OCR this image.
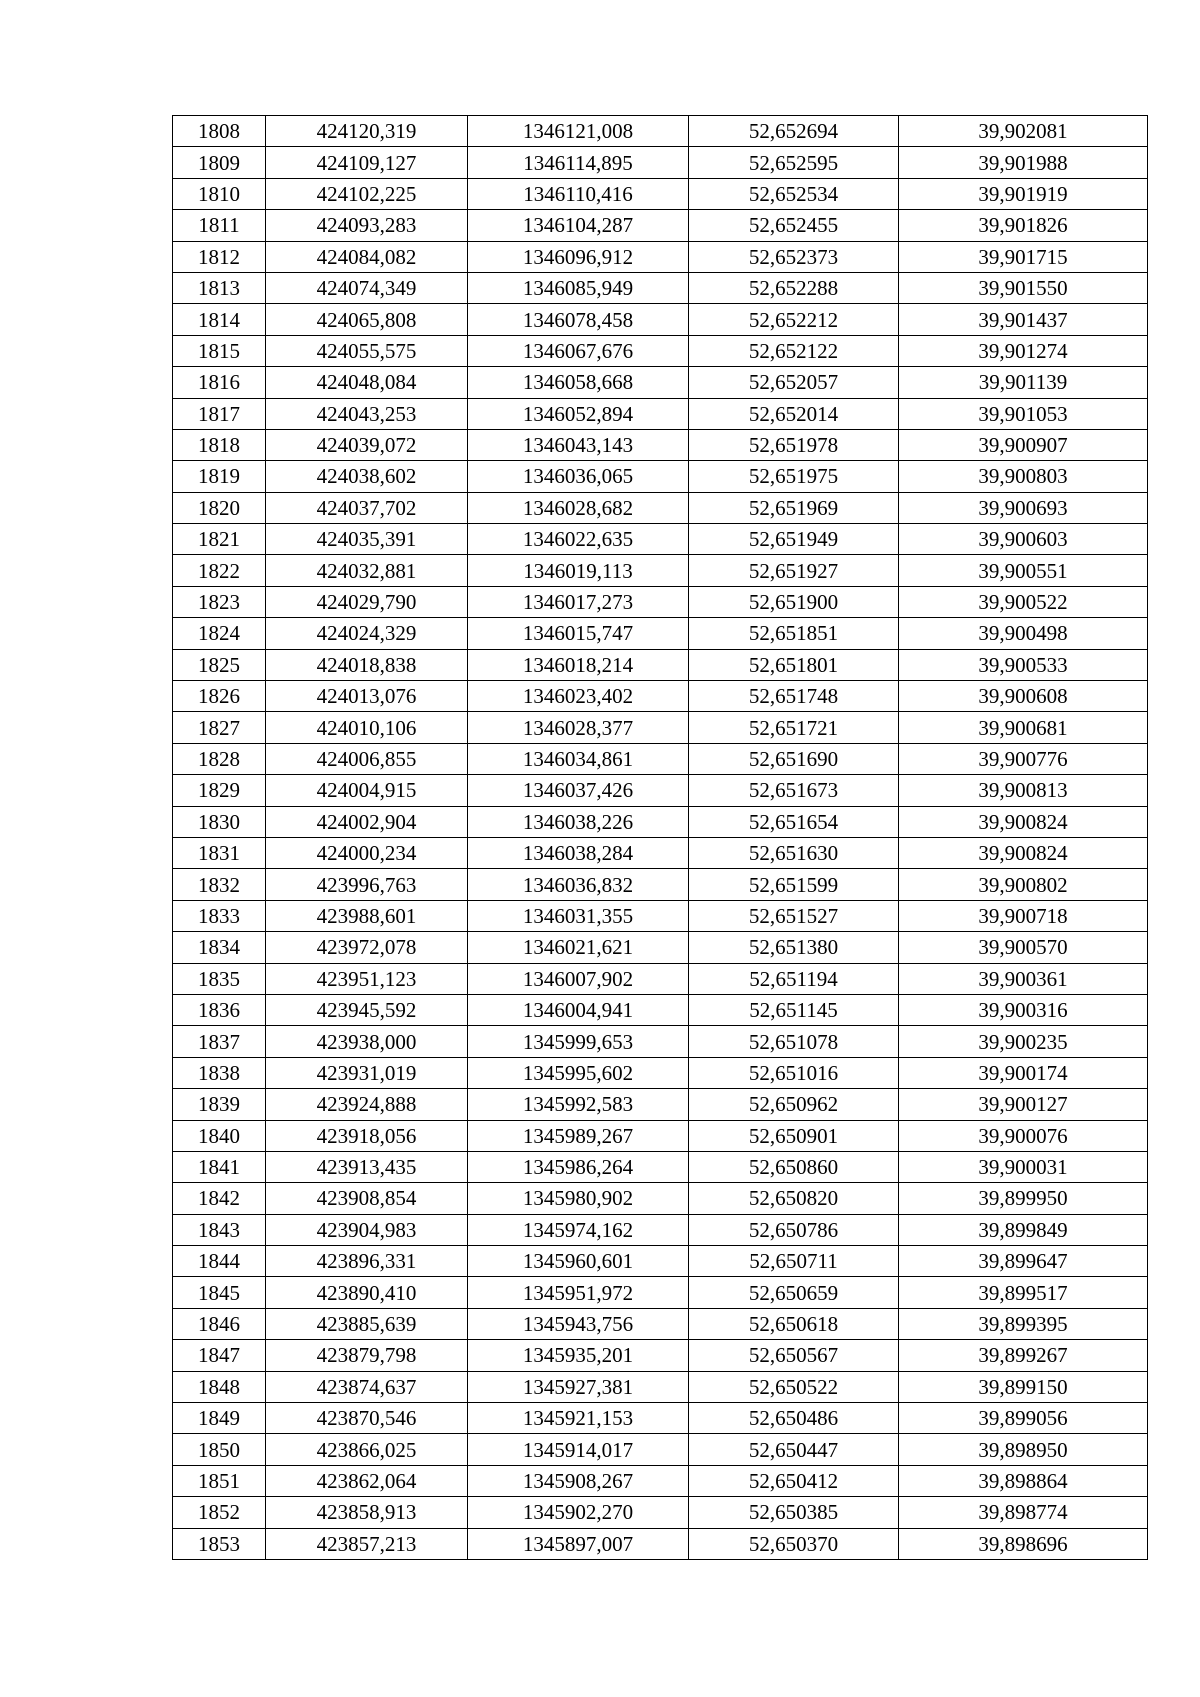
1808	424120,319	1346121,008	52,652694	39,902081
1809	424109,127	1346114,895	52,652595	39,901988
1810	424102,225	1346110,416	52,652534	39,901919
1811	424093,283	1346104,287	52,652455	39,901826
1812	424084,082	1346096,912	52,652373	39,901715
1813	424074,349	1346085,949	52,652288	39,901550
1814	424065,808	1346078,458	52,652212	39,901437
1815	424055,575	1346067,676	52,652122	39,901274
1816	424048,084	1346058,668	52,652057	39,901139
1817	424043,253	1346052,894	52,652014	39,901053
1818	424039,072	1346043,143	52,651978	39,900907
1819	424038,602	1346036,065	52,651975	39,900803
1820	424037,702	1346028,682	52,651969	39,900693
1821	424035,391	1346022,635	52,651949	39,900603
1822	424032,881	1346019,113	52,651927	39,900551
1823	424029,790	1346017,273	52,651900	39,900522
1824	424024,329	1346015,747	52,651851	39,900498
1825	424018,838	1346018,214	52,651801	39,900533
1826	424013,076	1346023,402	52,651748	39,900608
1827	424010,106	1346028,377	52,651721	39,900681
1828	424006,855	1346034,861	52,651690	39,900776
1829	424004,915	1346037,426	52,651673	39,900813
1830	424002,904	1346038,226	52,651654	39,900824
1831	424000,234	1346038,284	52,651630	39,900824
1832	423996,763	1346036,832	52,651599	39,900802
1833	423988,601	1346031,355	52,651527	39,900718
1834	423972,078	1346021,621	52,651380	39,900570
1835	423951,123	1346007,902	52,651194	39,900361
1836	423945,592	1346004,941	52,651145	39,900316
1837	423938,000	1345999,653	52,651078	39,900235
1838	423931,019	1345995,602	52,651016	39,900174
1839	423924,888	1345992,583	52,650962	39,900127
1840	423918,056	1345989,267	52,650901	39,900076
1841	423913,435	1345986,264	52,650860	39,900031
1842	423908,854	1345980,902	52,650820	39,899950
1843	423904,983	1345974,162	52,650786	39,899849
1844	423896,331	1345960,601	52,650711	39,899647
1845	423890,410	1345951,972	52,650659	39,899517
1846	423885,639	1345943,756	52,650618	39,899395
1847	423879,798	1345935,201	52,650567	39,899267
1848	423874,637	1345927,381	52,650522	39,899150
1849	423870,546	1345921,153	52,650486	39,899056
1850	423866,025	1345914,017	52,650447	39,898950
1851	423862,064	1345908,267	52,650412	39,898864
1852	423858,913	1345902,270	52,650385	39,898774
1853	423857,213	1345897,007	52,650370	39,898696
